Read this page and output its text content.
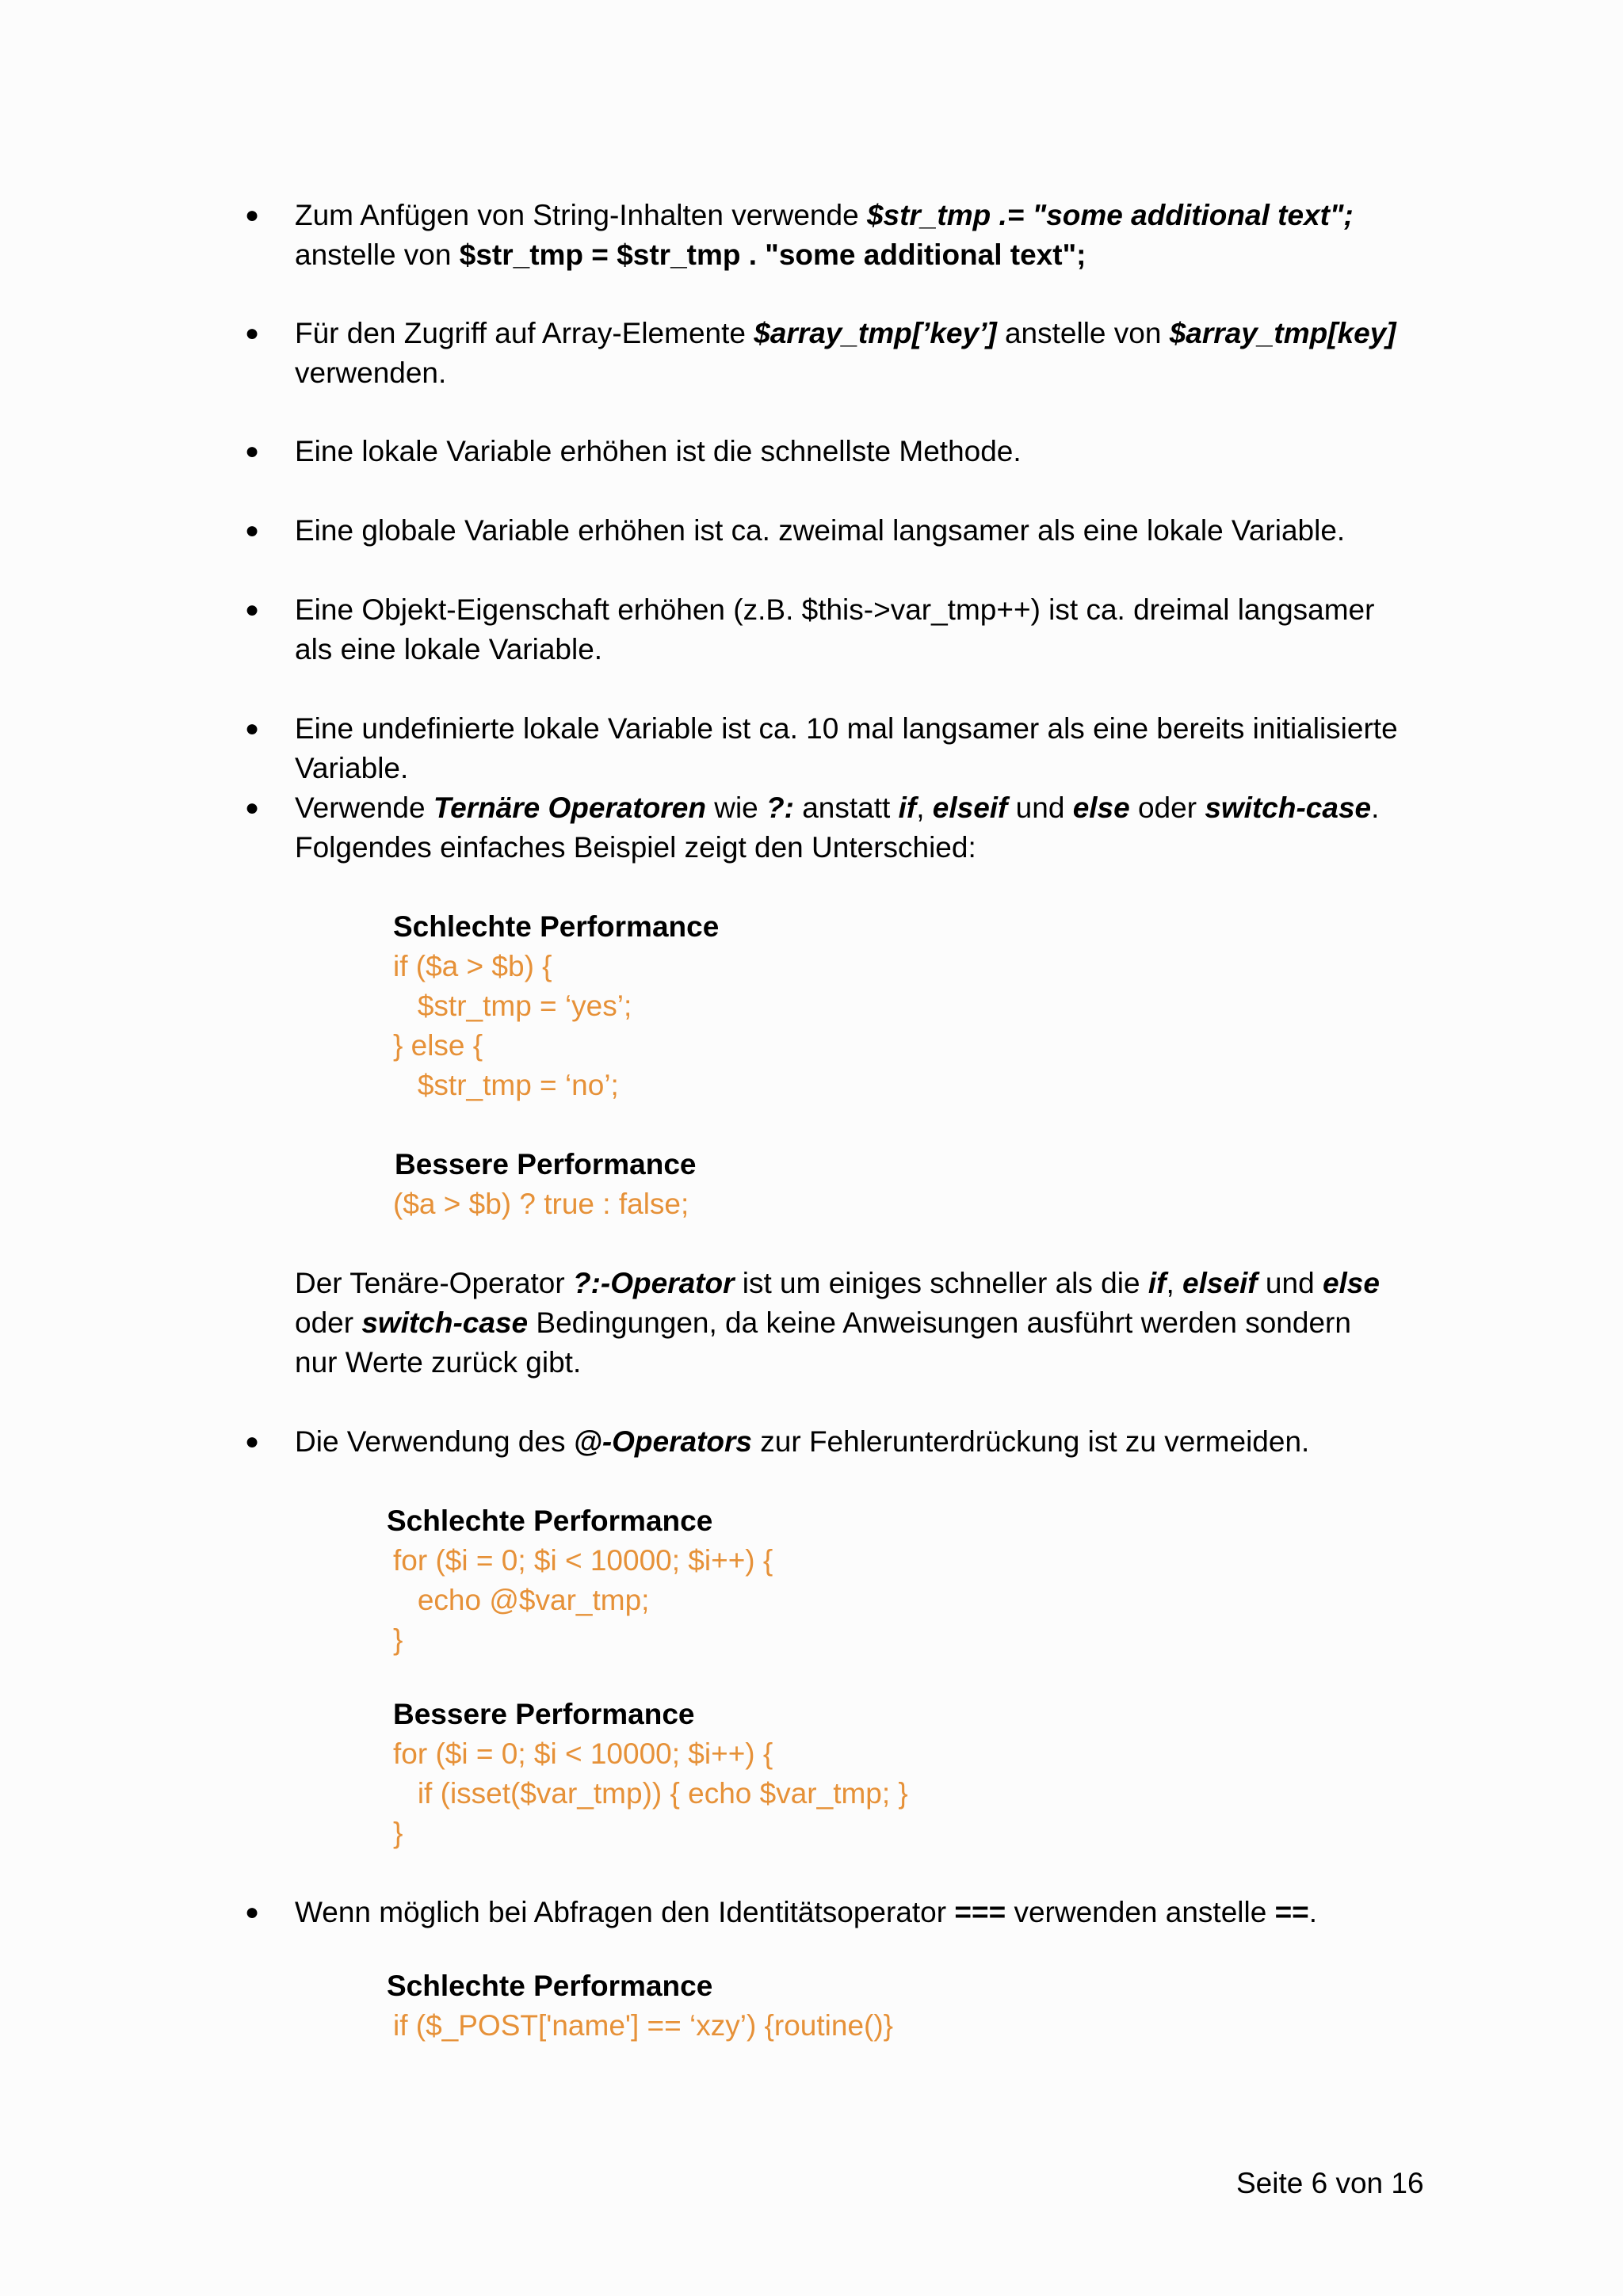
● Zum Anfügen von String-Inhalten verwende $str_tmp .= "some additional text";
anstelle von $str_tmp = $str_tmp . "some additional text";
● Für den Zugriff auf Array-Elemente $array_tmp[’key’] anstelle von $array_tmp[key]
verwenden.
● Eine lokale Variable erhöhen ist die schnellste Methode.
● Eine globale Variable erhöhen ist ca. zweimal langsamer als eine lokale Variable.
● Eine Objekt-Eigenschaft erhöhen (z.B. $this->var_tmp++) ist ca. dreimal langsamer
als eine lokale Variable.
● Eine undefinierte lokale Variable ist ca. 10 mal langsamer als eine bereits initialisierte
Variable.
● Verwende Ternäre Operatoren wie ?: anstatt if, elseif und else oder switch-case.
Folgendes einfaches Beispiel zeigt den Unterschied:
Schlechte Performance
if ($a > $b) {
$str_tmp = ‘yes’;
} else {
$str_tmp = ‘no’;
Bessere Performance
($a > $b) ? true : false;
Der Tenäre-Operator ?:-Operator ist um einiges schneller als die if, elseif und else
oder switch-case Bedingungen, da keine Anweisungen ausführt werden sondern
nur Werte zurück gibt.
● Die Verwendung des @-Operators zur Fehlerunterdrückung ist zu vermeiden.
Schlechte Performance
for ($i = 0; $i < 10000; $i++) {
echo @$var_tmp;
}
Bessere Performance
for ($i = 0; $i < 10000; $i++) {
if (isset($var_tmp)) { echo $var_tmp; }
}
● Wenn möglich bei Abfragen den Identitätsoperator === verwenden anstelle ==.
Schlechte Performance
if ($_POST['name'] == ‘xzy’) {routine()}
Seite 6 von 16
